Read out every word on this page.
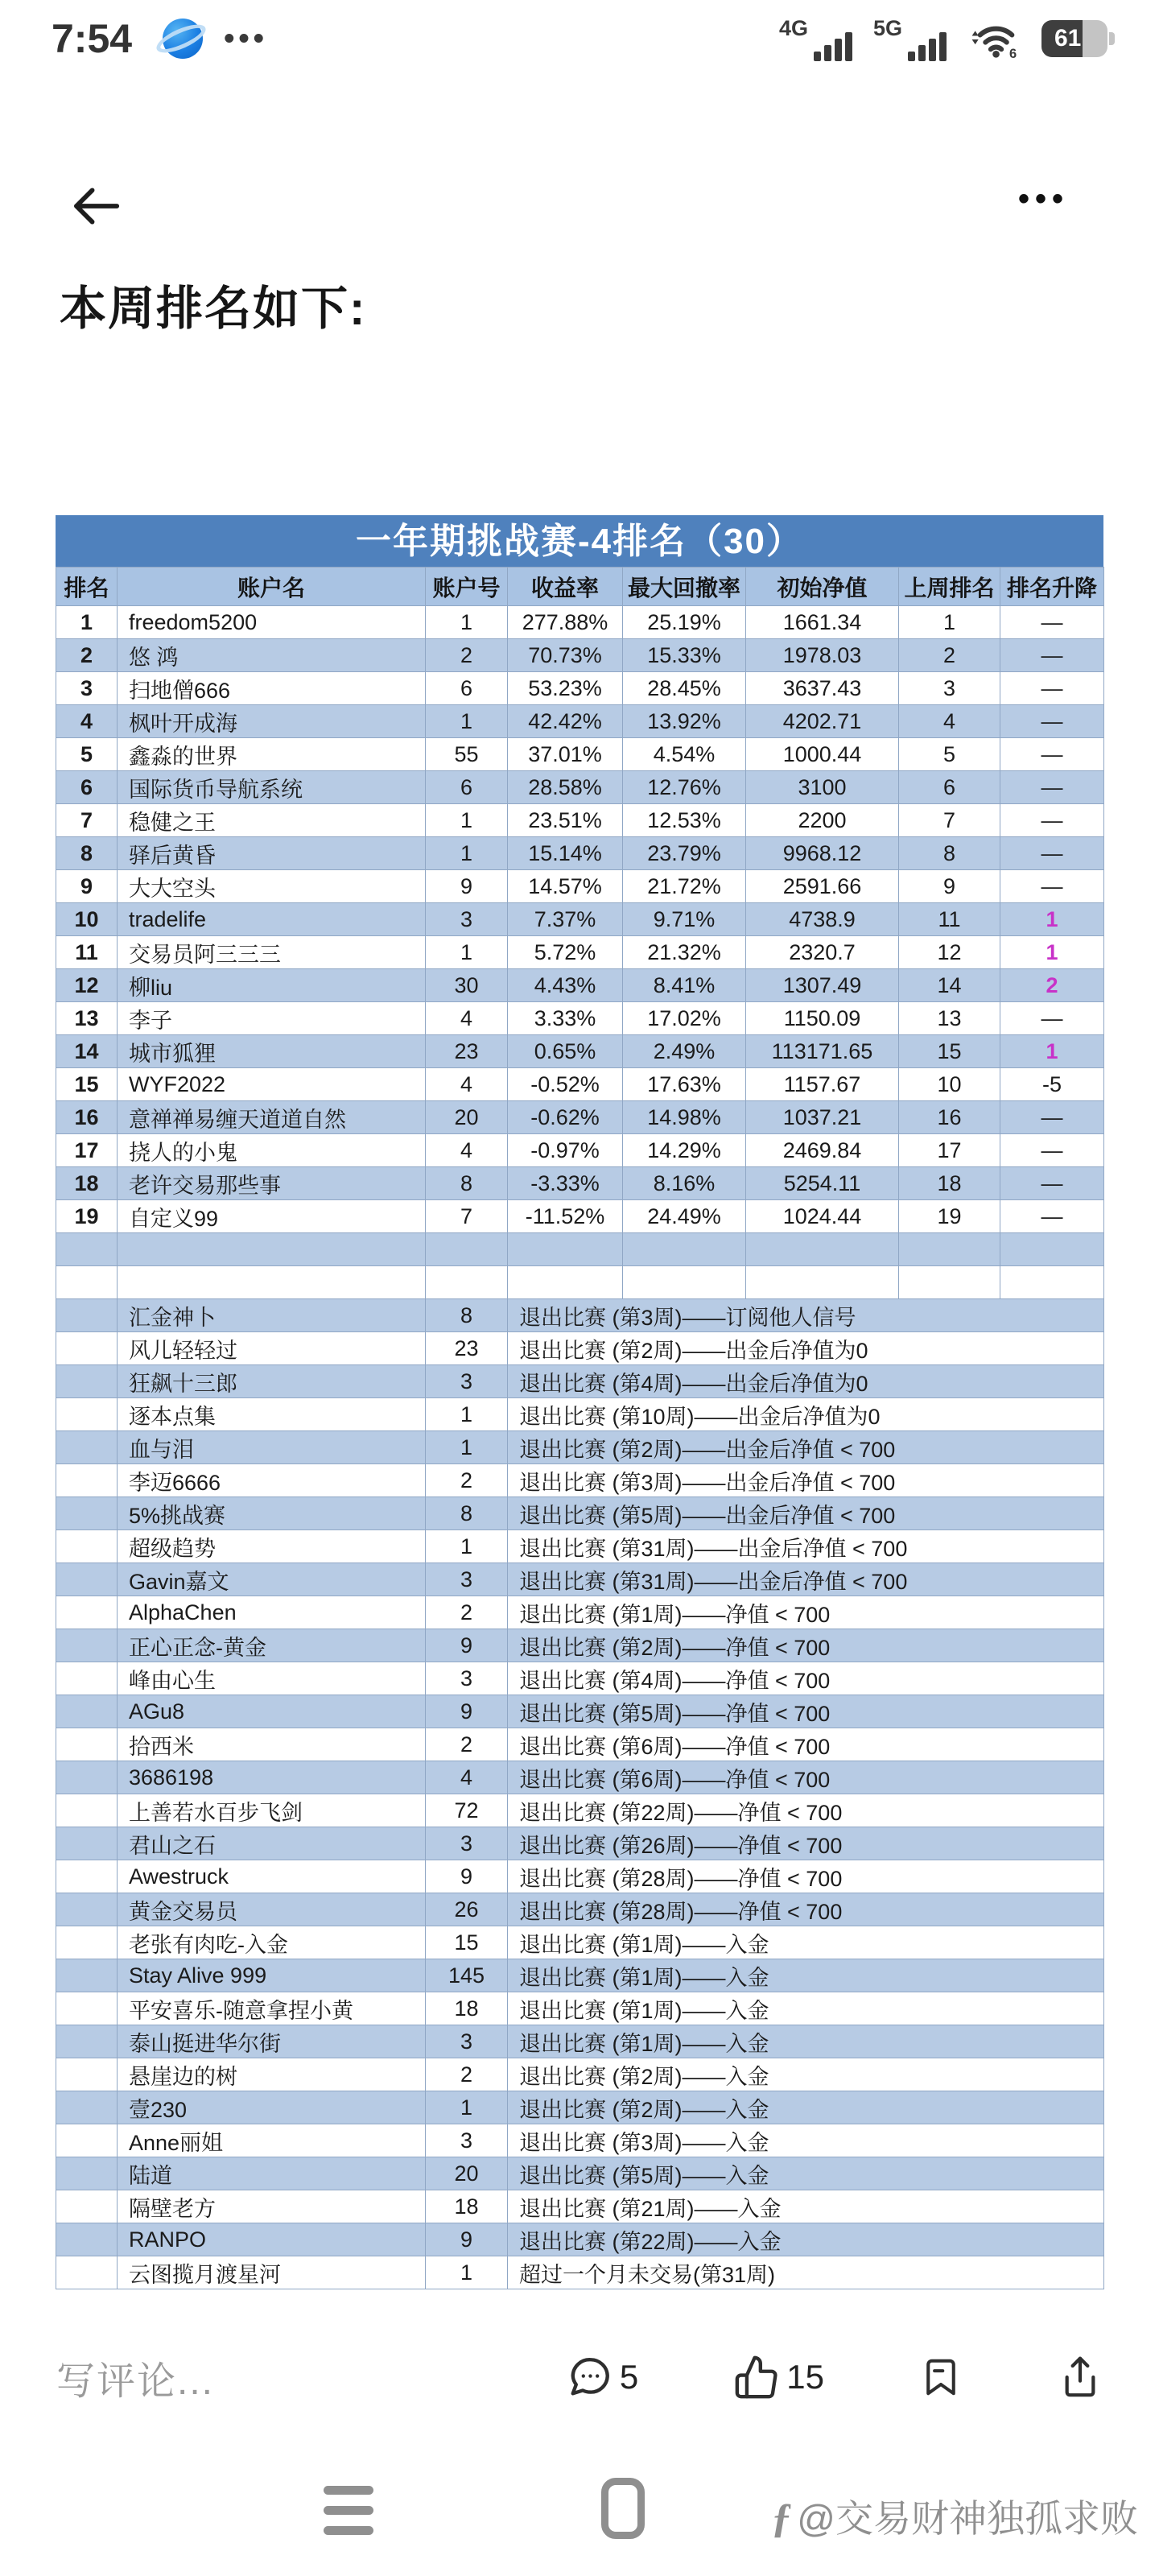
7:54	•••	4G	5G
6
61
•••
本周排名如下:
一年期挑战赛-4排名（30）
排名	账户名	账户号	收益率	最大回撤率	初始净值	上周排名	排名升降
1	freedom5200	1	277.88%	25.19%	1661.34	1	—
2	悠 鸿	2	70.73%	15.33%	1978.03	2	—
3	扫地僧666	6	53.23%	28.45%	3637.43	3	—
4	枫叶开成海	1	42.42%	13.92%	4202.71	4	—
5	鑫淼的世界	55	37.01%	4.54%	1000.44	5	—
6	国际货币导航系统	6	28.58%	12.76%	3100	6	—
7	稳健之王	1	23.51%	12.53%	2200	7	—
8	驿后黄昏	1	15.14%	23.79%	9968.12	8	—
9	大大空头	9	14.57%	21.72%	2591.66	9	—
10	tradelife	3	7.37%	9.71%	4738.9	11	1
11	交易员阿三三三	1	5.72%	21.32%	2320.7	12	1
12	柳liu	30	4.43%	8.41%	1307.49	14	2
13	李子	4	3.33%	17.02%	1150.09	13	—
14	城市狐狸	23	0.65%	2.49%	113171.65	15	1
15	WYF2022	4	-0.52%	17.63%	1157.67	10	-5
16	意禅禅易缠天道道自然	20	-0.62%	14.98%	1037.21	16	—
17	挠人的小鬼	4	-0.97%	14.29%	2469.84	17	—
18	老许交易那些事	8	-3.33%	8.16%	5254.11	18	—
19	自定义99	7	-11.52%	24.49%	1024.44	19	—

	汇金神卜	8	退出比赛 (第3周)——订阅他人信号				
	风儿轻轻过	23	退出比赛 (第2周)——出金后净值为0				
	狂飙十三郎	3	退出比赛 (第4周)——出金后净值为0				
	逐本点集	1	退出比赛 (第10周)——出金后净值为0				
	血与泪	1	退出比赛 (第2周)——出金后净值 < 700				
	李迈6666	2	退出比赛 (第3周)——出金后净值 < 700				
	5%挑战赛	8	退出比赛 (第5周)——出金后净值 < 700				
	超级趋势	1	退出比赛 (第31周)——出金后净值 < 700				
	Gavin嘉文	3	退出比赛 (第31周)——出金后净值 < 700				
	AlphaChen	2	退出比赛 (第1周)——净值 < 700				
	正心正念-黄金	9	退出比赛 (第2周)——净值 < 700				
	峰由心生	3	退出比赛 (第4周)——净值 < 700				
	AGu8	9	退出比赛 (第5周)——净值 < 700				
	拾西米	2	退出比赛 (第6周)——净值 < 700				
	3686198	4	退出比赛 (第6周)——净值 < 700				
	上善若水百步飞剑	72	退出比赛 (第22周)——净值 < 700				
	君山之石	3	退出比赛 (第26周)——净值 < 700				
	Awestruck	9	退出比赛 (第28周)——净值 < 700				
	黄金交易员	26	退出比赛 (第28周)——净值 < 700				
	老张有肉吃-入金	15	退出比赛 (第1周)——入金				
	Stay Alive 999	145	退出比赛 (第1周)——入金				
	平安喜乐-随意拿捏小黄	18	退出比赛 (第1周)——入金				
	泰山挺进华尔街	3	退出比赛 (第1周)——入金				
	悬崖边的树	2	退出比赛 (第2周)——入金				
	壹230	1	退出比赛 (第2周)——入金				
	Anne丽姐	3	退出比赛 (第3周)——入金				
	陆道	20	退出比赛 (第5周)——入金				
	隔壁老方	18	退出比赛 (第21周)——入金				
	RANPO	9	退出比赛 (第22周)——入金				
	云图揽月渡星河	1	超过一个月未交易(第31周)				
写评论...	5	15
ƒ @交易财神独孤求败
